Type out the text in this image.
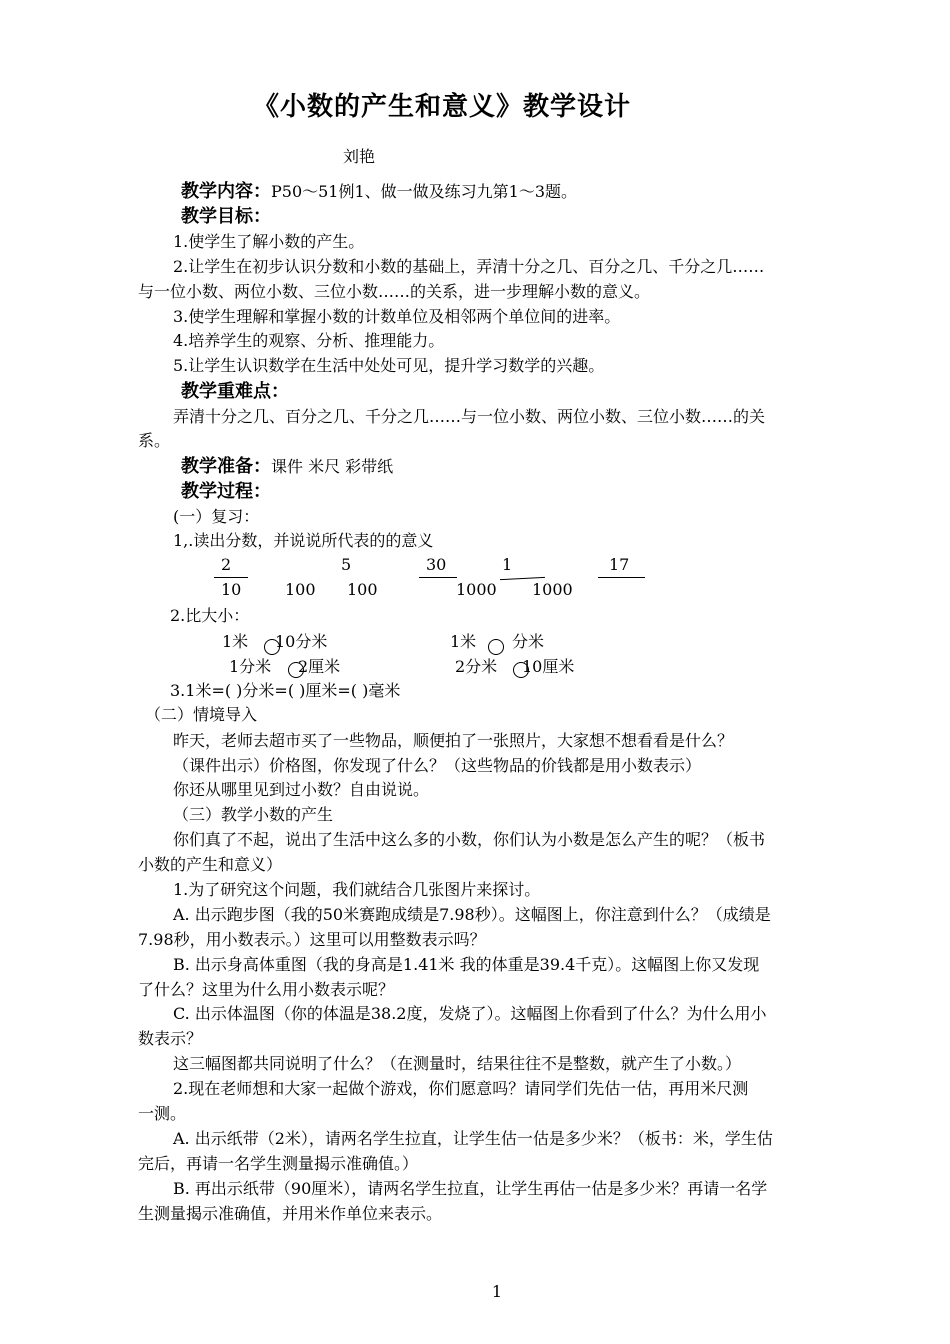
《小数的产生和意义》教学设计
刘艳
教学内容：P50～51例1、做一做及练习九第1～3题。
教学目标：
1.使学生了解小数的产生。
2.让学生在初步认识分数和小数的基础上，弄清十分之几、百分之几、千分之几……
与一位小数、两位小数、三位小数……的关系，进一步理解小数的意义。
3.使学生理解和掌握小数的计数单位及相邻两个单位间的进率。
4.培养学生的观察、分析、推理能力。
5.让学生认识数学在生活中处处可见，提升学习数学的兴趣。
教学重难点：
弄清十分之几、百分之几、千分之几……与一位小数、两位小数、三位小数……的关
系。
教学准备：课件 米尺 彩带纸
教学过程：
(一）复习：
1,.读出分数，并说说所代表的的意义
2
10
5
100
30
100
1
1000
17
1000
2.比大小：
1米 10分米	1米 分米
1分米 2厘米	2分米 10厘米
3.1米=( )分米=( )厘米=( )毫米
（二）情境导入
昨天，老师去超市买了一些物品，顺便拍了一张照片，大家想不想看看是什么？
（课件出示）价格图，你发现了什么？（这些物品的价钱都是用小数表示）
你还从哪里见到过小数？自由说说。
（三）教学小数的产生
你们真了不起，说出了生活中这么多的小数，你们认为小数是怎么产生的呢？（板书
小数的产生和意义）
1.为了研究这个问题，我们就结合几张图片来探讨。
A. 出示跑步图（我的50米赛跑成绩是7.98秒）。这幅图上，你注意到什么？（成绩是
7.98秒，用小数表示。）这里可以用整数表示吗？
B. 出示身高体重图（我的身高是1.41米 我的体重是39.4千克）。这幅图上你又发现
了什么？这里为什么用小数表示呢？
C. 出示体温图（你的体温是38.2度，发烧了）。这幅图上你看到了什么？为什么用小
数表示？
这三幅图都共同说明了什么？（在测量时，结果往往不是整数，就产生了小数。）
2.现在老师想和大家一起做个游戏，你们愿意吗？请同学们先估一估，再用米尺测
一测。
A. 出示纸带（2米），请两名学生拉直，让学生估一估是多少米？（板书：米，学生估
完后，再请一名学生测量揭示准确值。）
B. 再出示纸带（90厘米），请两名学生拉直，让学生再估一估是多少米？再请一名学
生测量揭示准确值，并用米作单位来表示。
1
